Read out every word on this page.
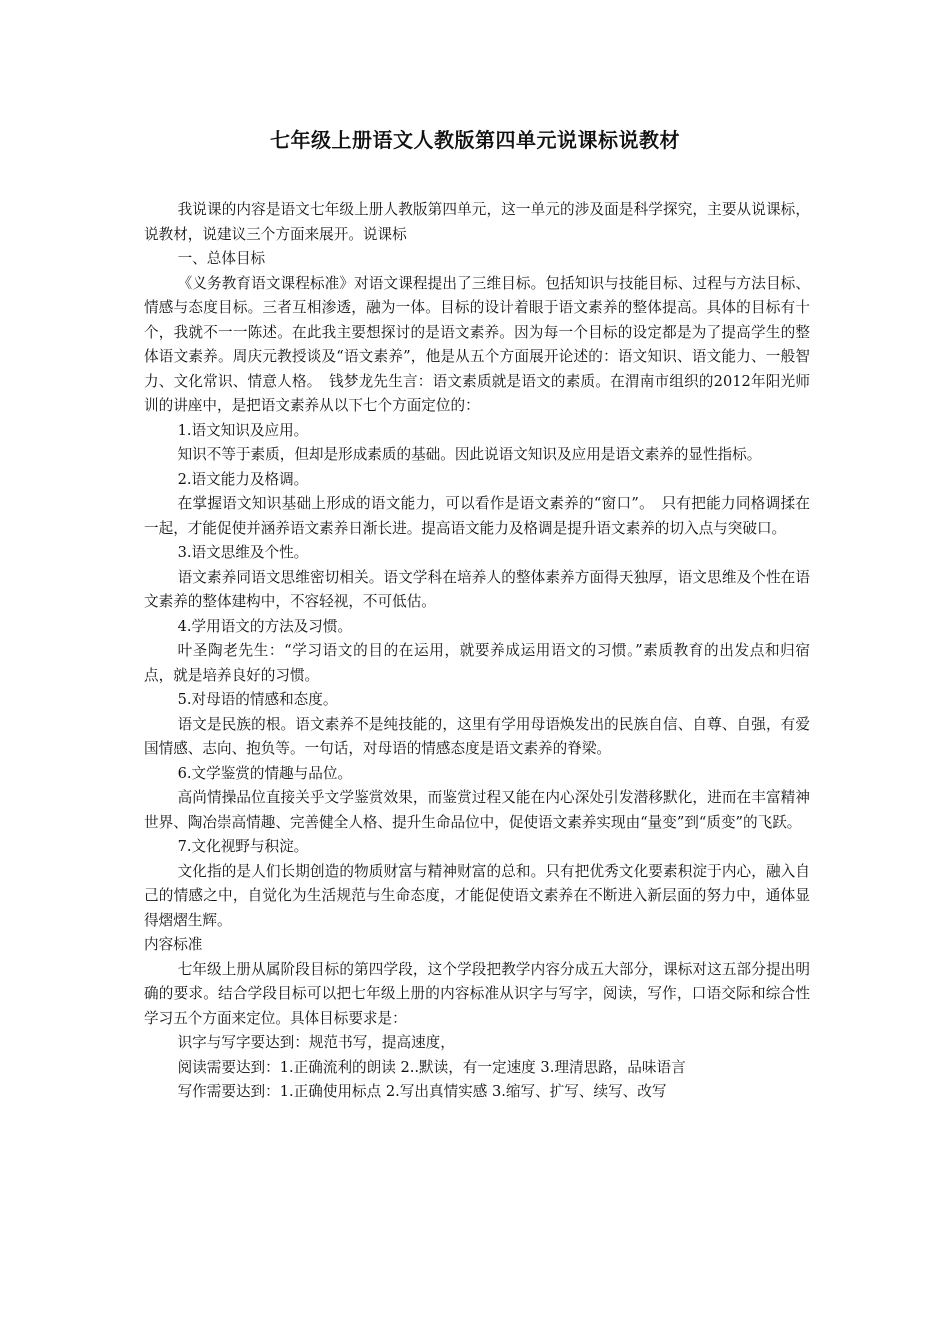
七年级上册语文人教版第四单元说课标说教材

我说课的内容是语文七年级上册人教版第四单元，这一单元的涉及面是科学探究，主要从说课标，说教材，说建议三个方面来展开。说课标

一、总体目标

《义务教育语文课程标准》对语文课程提出了三维目标。包括知识与技能目标、过程与方法目标、情感与态度目标。三者互相渗透，融为一体。目标的设计着眼于语文素养的整体提高。具体的目标有十个，我就不一一陈述。在此我主要想探讨的是语文素养。因为每一个目标的设定都是为了提高学生的整体语文素养。周庆元教授谈及“语文素养”，他是从五个方面展开论述的：语文知识、语文能力、一般智力、文化常识、情意人格。　钱梦龙先生言：语文素质就是语文的素质。在渭南市组织的2012年阳光师训的讲座中，是把语文素养从以下七个方面定位的：

1.语文知识及应用。

知识不等于素质，但却是形成素质的基础。因此说语文知识及应用是语文素养的显性指标。

2.语文能力及格调。

在掌握语文知识基础上形成的语文能力，可以看作是语文素养的“窗口”。　只有把能力同格调揉在一起，才能促使并涵养语文素养日渐长进。提高语文能力及格调是提升语文素养的切入点与突破口。

3.语文思维及个性。

语文素养同语文思维密切相关。语文学科在培养人的整体素养方面得天独厚，语文思维及个性在语文素养的整体建构中，不容轻视，不可低估。

4.学用语文的方法及习惯。

叶圣陶老先生：“学习语文的目的在运用，就要养成运用语文的习惯。”素质教育的出发点和归宿点，就是培养良好的习惯。

5.对母语的情感和态度。

语文是民族的根。语文素养不是纯技能的，这里有学用母语焕发出的民族自信、自尊、自强，有爱国情感、志向、抱负等。一句话，对母语的情感态度是语文素养的脊梁。

6.文学鉴赏的情趣与品位。

高尚情操品位直接关乎文学鉴赏效果，而鉴赏过程又能在内心深处引发潜移默化，进而在丰富精神世界、陶冶崇高情趣、完善健全人格、提升生命品位中，促使语文素养实现由“量变”到“质变”的飞跃。

7.文化视野与积淀。

文化指的是人们长期创造的物质财富与精神财富的总和。只有把优秀文化要素积淀于内心，融入自己的情感之中，自觉化为生活规范与生命态度，才能促使语文素养在不断进入新层面的努力中，通体显得熠熠生辉。

内容标准

七年级上册从属阶段目标的第四学段，这个学段把教学内容分成五大部分，课标对这五部分提出明确的要求。结合学段目标可以把七年级上册的内容标准从识字与写字，阅读，写作，口语交际和综合性学习五个方面来定位。具体目标要求是：

识字与写字要达到：规范书写，提高速度，

阅读需要达到：1.正确流利的朗读 2..默读，有一定速度 3.理清思路，品味语言

写作需要达到：1.正确使用标点 2.写出真情实感 3.缩写、扩写、续写、改写
